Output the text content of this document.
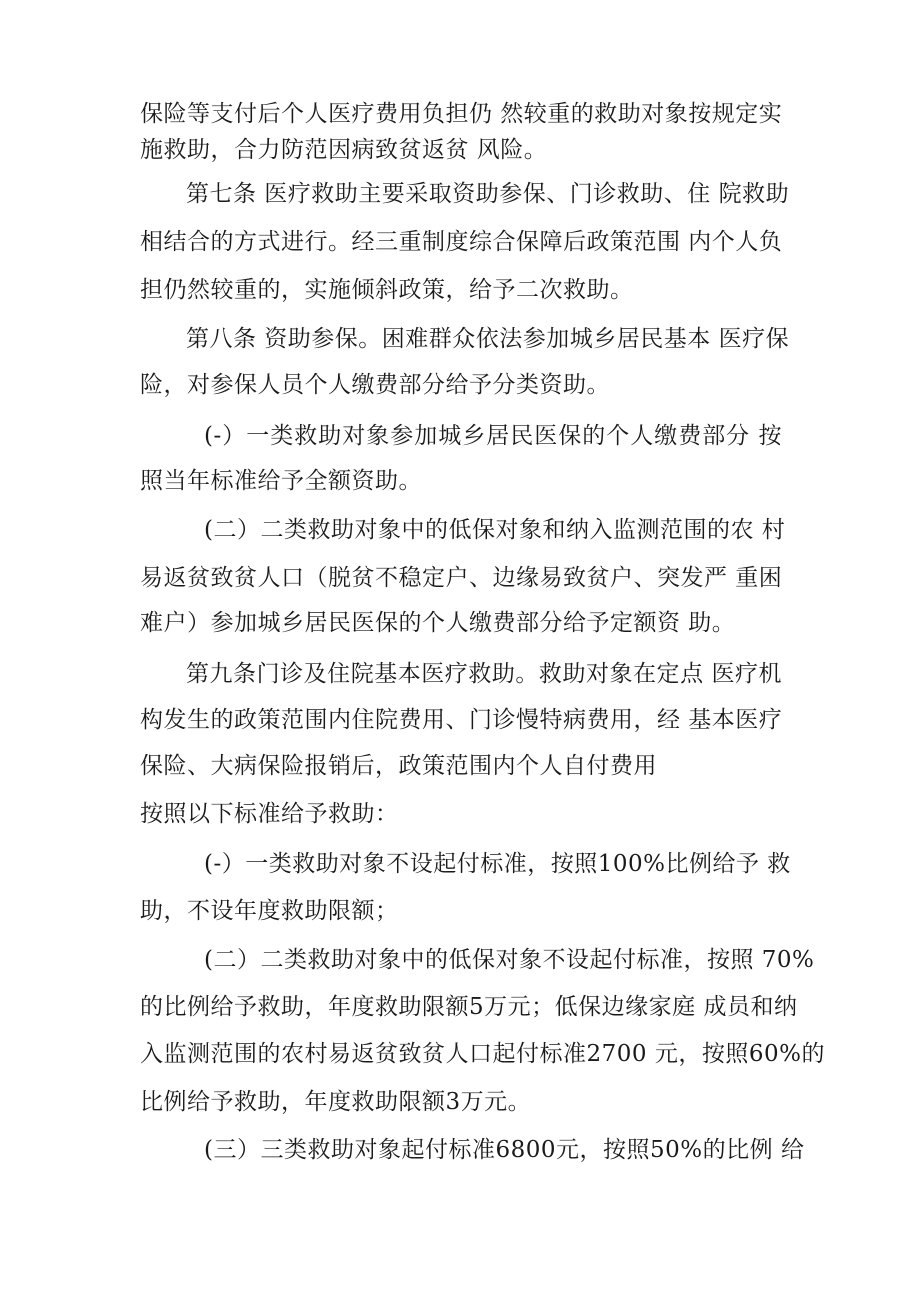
保险等支付后个人医疗费用负担仍 然较重的救助对象按规定实
施救助，合力防范因病致贫返贫 风险。
第七条 医疗救助主要采取资助参保、门诊救助、住 院救助
相结合的方式进行。经三重制度综合保障后政策范围 内个人负
担仍然较重的，实施倾斜政策，给予二次救助。
第八条 资助参保。困难群众依法参加城乡居民基本 医疗保
险，对参保人员个人缴费部分给予分类资助。
(-）一类救助对象参加城乡居民医保的个人缴费部分 按
照当年标准给予全额资助。
(二）二类救助对象中的低保对象和纳入监测范围的农 村
易返贫致贫人口（脱贫不稳定户、边缘易致贫户、突发严 重困
难户）参加城乡居民医保的个人缴费部分给予定额资 助。
第九条门诊及住院基本医疗救助。救助对象在定点 医疗机
构发生的政策范围内住院费用、门诊慢特病费用，经 基本医疗
保险、大病保险报销后，政策范围内个人自付费用
按照以下标准给予救助：
(-）一类救助对象不设起付标准，按照100%比例给予 救
助，不设年度救助限额；
(二）二类救助对象中的低保对象不设起付标准，按照 70%
的比例给予救助，年度救助限额5万元；低保边缘家庭 成员和纳
入监测范围的农村易返贫致贫人口起付标准2700 元，按照60%的
比例给予救助，年度救助限额3万元。
(三）三类救助对象起付标准6800元，按照50%的比例 给
